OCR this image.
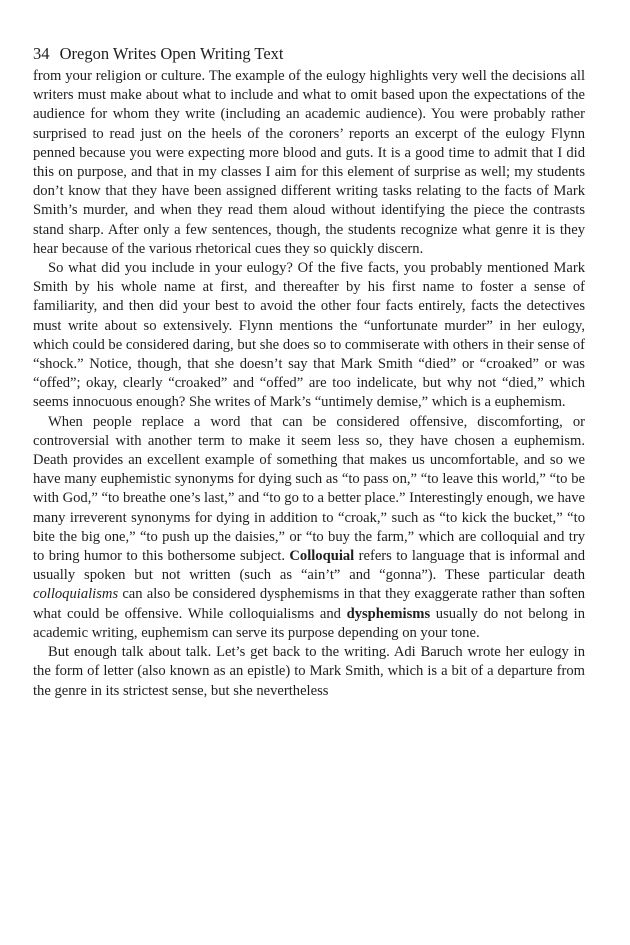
34 Oregon Writes Open Writing Text

from your religion or culture. The example of the eulogy highlights very well the decisions all writers must make about what to include and what to omit based upon the expectations of the audience for whom they write (including an academic audience). You were probably rather surprised to read just on the heels of the coroners’ reports an excerpt of the eulogy Flynn penned because you were expecting more blood and guts. It is a good time to admit that I did this on purpose, and that in my classes I aim for this element of surprise as well; my students don’t know that they have been assigned different writing tasks relating to the facts of Mark Smith’s murder, and when they read them aloud without identifying the piece the contrasts stand sharp. After only a few sentences, though, the students recognize what genre it is they hear because of the various rhetorical cues they so quickly discern.

So what did you include in your eulogy? Of the five facts, you probably mentioned Mark Smith by his whole name at first, and thereafter by his first name to foster a sense of familiarity, and then did your best to avoid the other four facts entirely, facts the detectives must write about so extensively. Flynn mentions the “unfortunate murder” in her eulogy, which could be considered daring, but she does so to commiserate with others in their sense of “shock.” Notice, though, that she doesn’t say that Mark Smith “died” or “croaked” or was “offed”; okay, clearly “croaked” and “offed” are too indelicate, but why not “died,” which seems innocuous enough? She writes of Mark’s “untimely demise,” which is a euphemism.

When people replace a word that can be considered offensive, discomforting, or controversial with another term to make it seem less so, they have chosen a euphemism. Death provides an excellent example of something that makes us uncomfortable, and so we have many euphemistic synonyms for dying such as “to pass on,” “to leave this world,” “to be with God,” “to breathe one’s last,” and “to go to a better place.” Interestingly enough, we have many irreverent synonyms for dying in addition to “croak,” such as “to kick the bucket,” “to bite the big one,” “to push up the daisies,” or “to buy the farm,” which are colloquial and try to bring humor to this bothersome subject. Colloquial refers to language that is informal and usually spoken but not written (such as “ain’t” and “gonna”). These particular death colloquialisms can also be considered dysphemisms in that they exaggerate rather than soften what could be offensive. While colloquialisms and dysphemisms usually do not belong in academic writing, euphemism can serve its purpose depending on your tone.

But enough talk about talk. Let’s get back to the writing. Adi Baruch wrote her eulogy in the form of letter (also known as an epistle) to Mark Smith, which is a bit of a departure from the genre in its strictest sense, but she nevertheless
